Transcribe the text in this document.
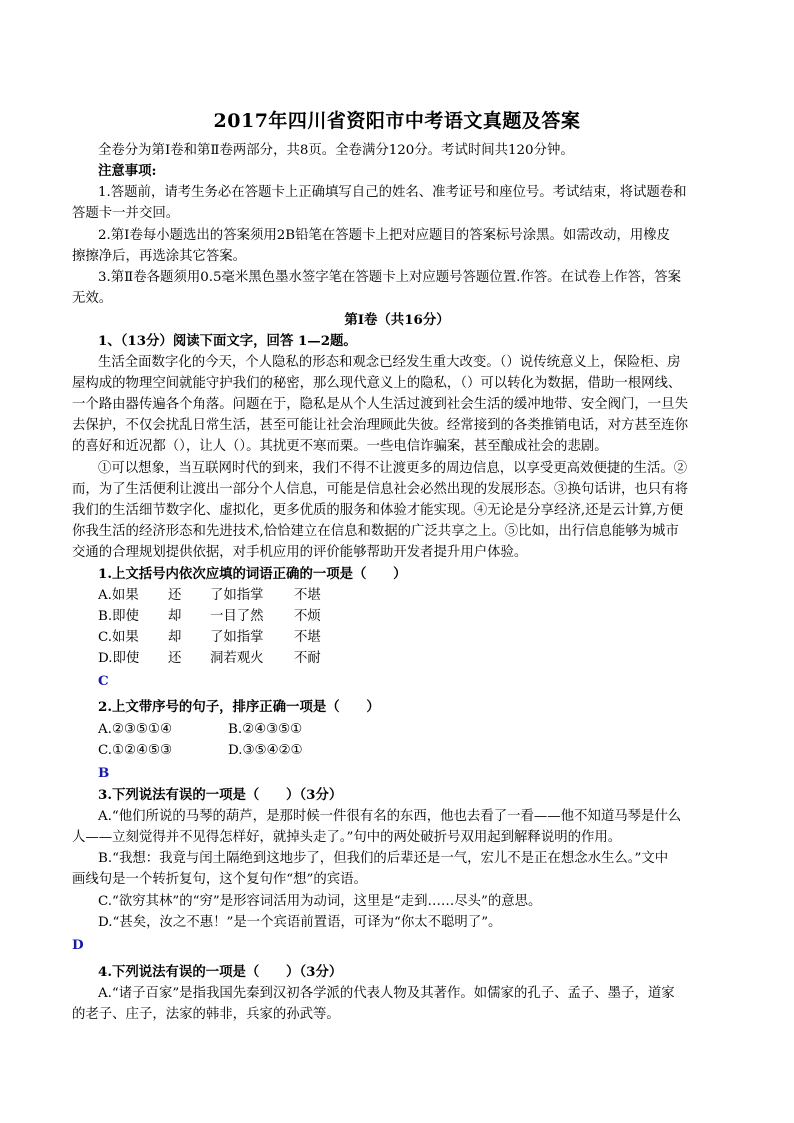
2017年四川省资阳市中考语文真题及答案
全卷分为第Ⅰ卷和第Ⅱ卷两部分，共8页。全卷满分120分。考试时间共120分钟。
注意事项:
1.答题前，请考生务必在答题卡上正确填写自己的姓名、准考证号和座位号。考试结束，将试题卷和
答题卡一并交回。
2.第Ⅰ卷每小题选出的答案须用2B铅笔在答题卡上把对应题目的答案标号涂黑。如需改动，用橡皮
擦擦净后，再选涂其它答案。
3.第Ⅱ卷各题须用0.5毫米黑色墨水签字笔在答题卡上对应题号答题位置.作答。在试卷上作答，答案
无效。
第Ⅰ卷（共16分）
1、（13分）阅读下面文字，回答 1—2题。
生活全面数字化的今天，个人隐私的形态和观念已经发生重大改变。（）说传统意义上，保险柜、房
屋构成的物理空间就能守护我们的秘密，那么现代意义上的隐私，（）可以转化为数据，借助一根网线、
一个路由器传遍各个角落。问题在于，隐私是从个人生活过渡到社会生活的缓冲地带、安全阀门，一旦失
去保护，不仅会扰乱日常生活，甚至可能让社会治理顾此失彼。经常接到的各类推销电话，对方甚至连你
的喜好和近况都（），让人（）。其扰更不寒而栗。一些电信诈骗案，甚至酿成社会的悲剧。
①可以想象，当互联网时代的到来，我们不得不让渡更多的周边信息，以享受更高效便捷的生活。②
而，为了生活便利让渡出一部分个人信息，可能是信息社会必然出现的发展形态。③换句话讲，也只有将
我们的生活细节数字化、虚拟化，更多优质的服务和体验才能实现。④无论是分享经济,还是云计算,方便
你我生活的经济形态和先进技术,恰恰建立在信息和数据的广泛共享之上。⑤比如，出行信息能够为城市
交通的合理规划提供依据，对手机应用的评价能够帮助开发者提升用户体验。
1.上文括号内依次应填的词语正确的一项是（　　）
A.如果 还 了如指掌 不堪
B.即使 却 一目了然 不烦
C.如果 却 了如指掌 不堪
D.即使 还 洞若观火 不耐
C
2.上文带序号的句子，排序正确一项是（　　）
A.②③⑤①④	B.②④③⑤①
C.①②④⑤③	D.③⑤④②①
B
3.下列说法有误的一项是（　　）（3分）
A.“他们所说的马琴的葫芦，是那时候一件很有名的东西，他也去看了一看——他不知道马琴是什么
人——立刻觉得并不见得怎样好，就掉头走了。”句中的两处破折号双用起到解释说明的作用。
B.“我想：我竟与闰土隔绝到这地步了，但我们的后辈还是一气，宏儿不是正在想念水生么。”文中
画线句是一个转折复句，这个复句作“想”的宾语。
C.“欲穷其林”的“穷”是形容词活用为动词，这里是“走到……尽头”的意思。
D.“甚矣，汝之不惠！”是一个宾语前置语，可译为“你太不聪明了”。
D
4.下列说法有误的一项是（　　）（3分）
A.“诸子百家”是指我国先秦到汉初各学派的代表人物及其著作。如儒家的孔子、孟子、墨子，道家
的老子、庄子，法家的韩非，兵家的孙武等。
